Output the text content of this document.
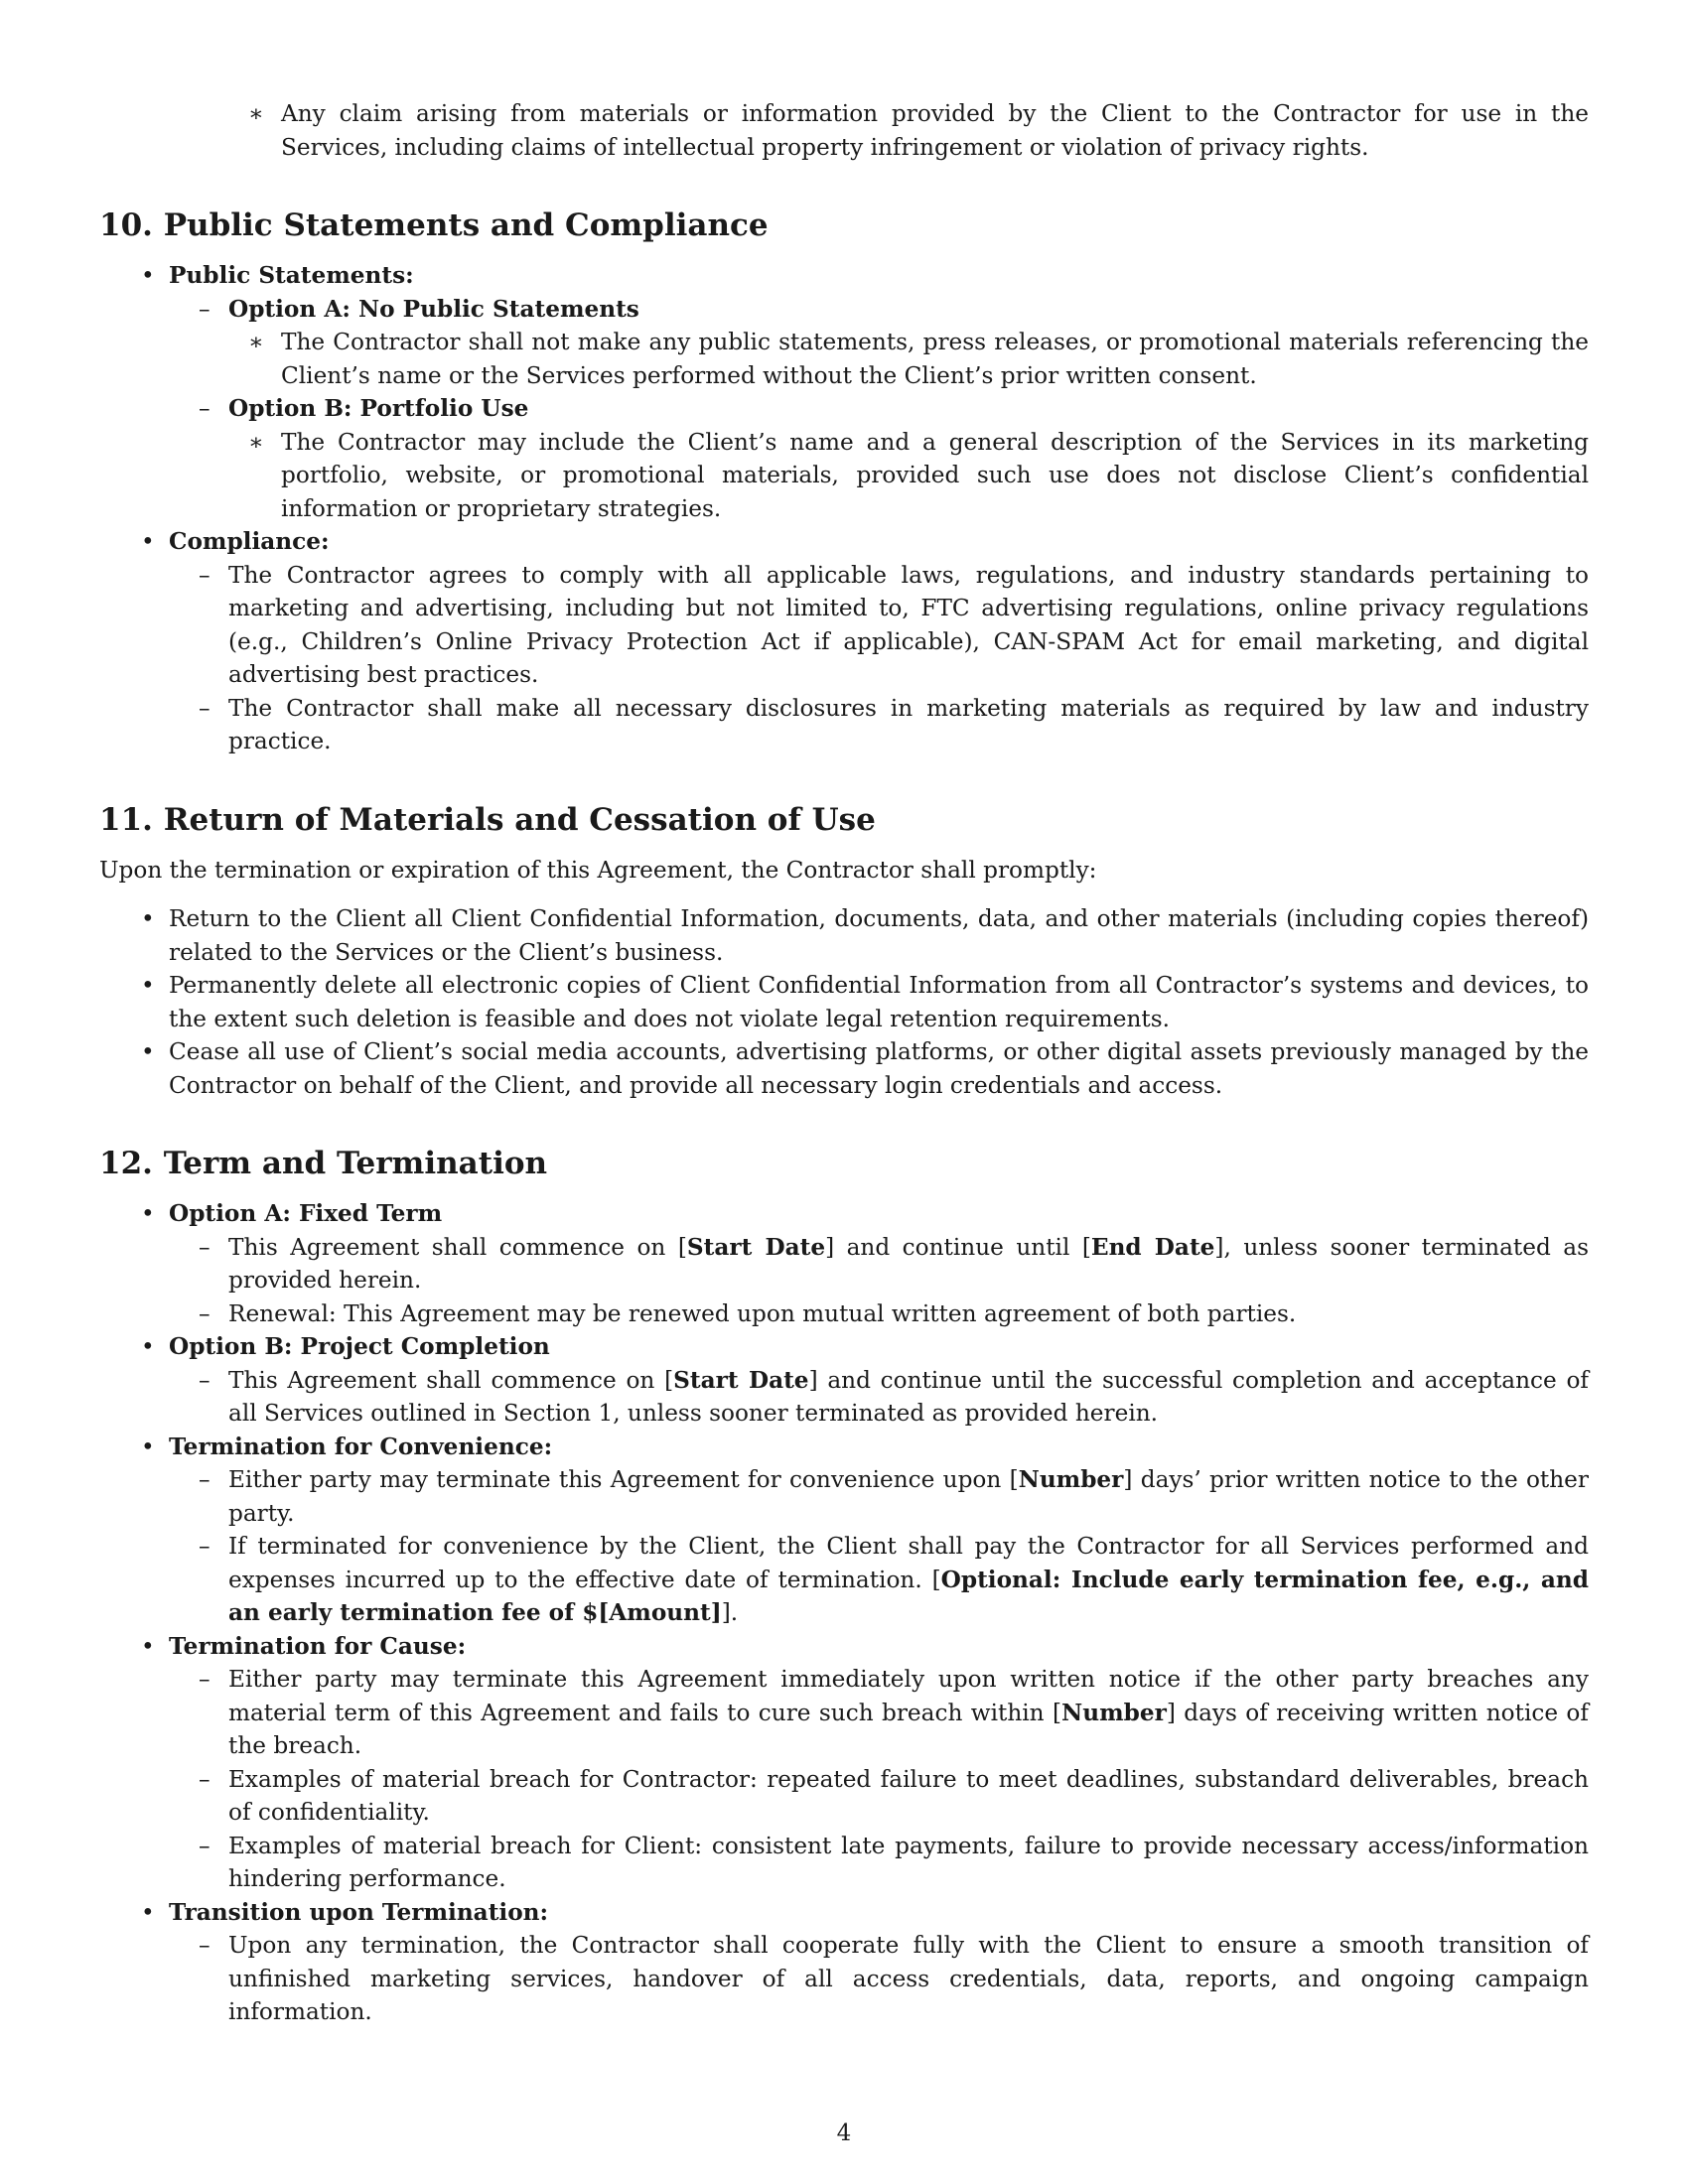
∗ Any claim arising from materials or information provided by the Client to the Contractor for use in the Services, including claims of intellectual property infringement or violation of privacy rights.
10. Public Statements and Compliance
• Public Statements:
– Option A: No Public Statements
∗ The Contractor shall not make any public statements, press releases, or promotional materials referencing the Client’s name or the Services performed without the Client’s prior written consent.
– Option B: Portfolio Use
∗ The Contractor may include the Client’s name and a general description of the Services in its marketing portfolio, website, or promotional materials, provided such use does not disclose Client’s confidential information or proprietary strategies.
• Compliance:
– The Contractor agrees to comply with all applicable laws, regulations, and industry standards pertaining to marketing and advertising, including but not limited to, FTC advertising regulations, online privacy regulations (e.g., Children’s Online Privacy Protection Act if applicable), CAN-SPAM Act for email marketing, and digital advertising best practices.
– The Contractor shall make all necessary disclosures in marketing materials as required by law and industry practice.
11. Return of Materials and Cessation of Use

Upon the termination or expiration of this Agreement, the Contractor shall promptly:

• Return to the Client all Client Confidential Information, documents, data, and other materials (including copies thereof) related to the Services or the Client’s business.
• Permanently delete all electronic copies of Client Confidential Information from all Contractor’s systems and devices, to the extent such deletion is feasible and does not violate legal retention requirements.
• Cease all use of Client’s social media accounts, advertising platforms, or other digital assets previously managed by the Contractor on behalf of the Client, and provide all necessary login credentials and access.
12. Term and Termination
• Option A: Fixed Term
– This Agreement shall commence on [Start Date] and continue until [End Date], unless sooner terminated as provided herein.
– Renewal: This Agreement may be renewed upon mutual written agreement of both parties.
• Option B: Project Completion
– This Agreement shall commence on [Start Date] and continue until the successful completion and acceptance of all Services outlined in Section 1, unless sooner terminated as provided herein.
• Termination for Convenience:
– Either party may terminate this Agreement for convenience upon [Number] days’ prior written notice to the other party.
– If terminated for convenience by the Client, the Client shall pay the Contractor for all Services performed and expenses incurred up to the effective date of termination. [Optional: Include early termination fee, e.g., and an early termination fee of $[Amount]].
• Termination for Cause:
– Either party may terminate this Agreement immediately upon written notice if the other party breaches any material term of this Agreement and fails to cure such breach within [Number] days of receiving written notice of the breach.
– Examples of material breach for Contractor: repeated failure to meet deadlines, substandard deliverables, breach of confidentiality.
– Examples of material breach for Client: consistent late payments, failure to provide necessary access/information hindering performance.
• Transition upon Termination:
– Upon any termination, the Contractor shall cooperate fully with the Client to ensure a smooth transition of unfinished marketing services, handover of all access credentials, data, reports, and ongoing campaign information.
4
